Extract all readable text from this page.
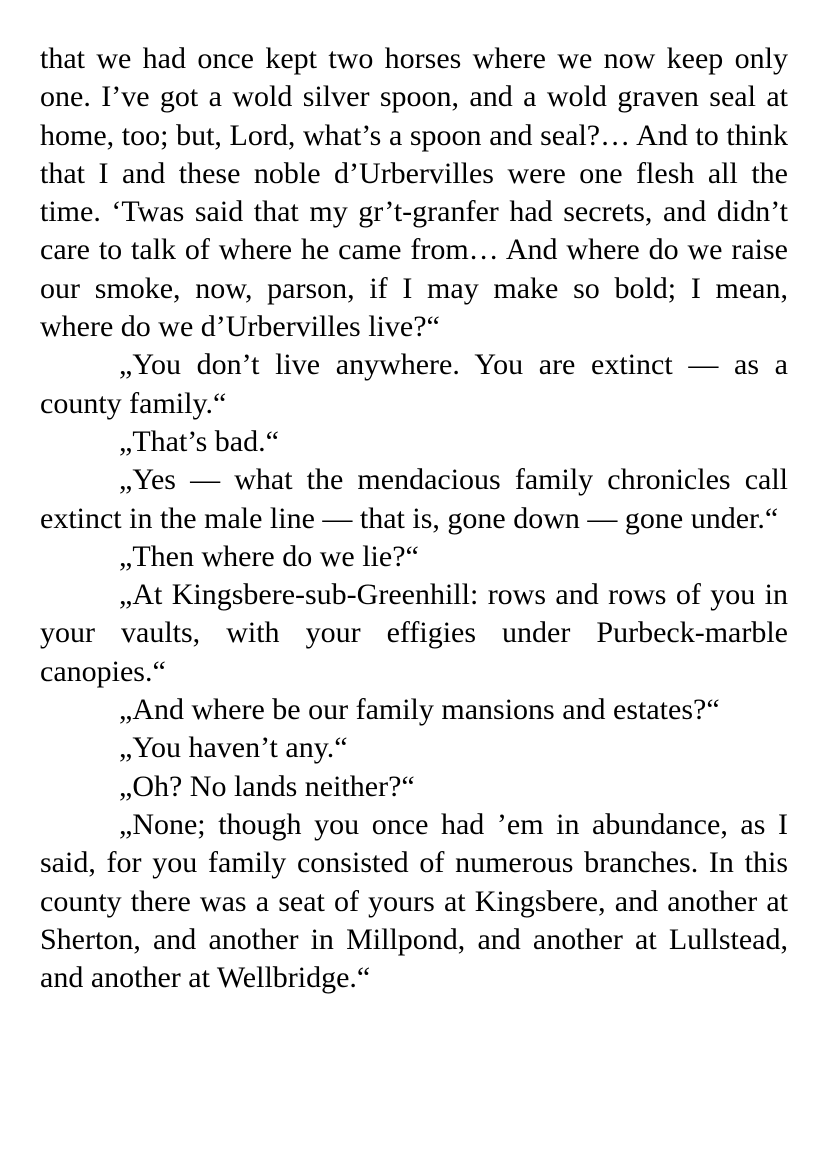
that we had once kept two horses where we now keep only one. I’ve got a wold silver spoon, and a wold graven seal at home, too; but, Lord, what’s a spoon and seal?… And to think that I and these noble d’Urbervilles were one flesh all the time. ‘Twas said that my gr’t-granfer had secrets, and didn’t care to talk of where he came from… And where do we raise our smoke, now, parson, if I may make so bold; I mean, where do we d’Urbervilles live?“

„You don’t live anywhere. You are extinct — as a county family.“

„That’s bad.“

„Yes — what the mendacious family chronicles call extinct in the male line — that is, gone down — gone under.“

„Then where do we lie?“

„At Kingsbere-sub-Greenhill: rows and rows of you in your vaults, with your effigies under Purbeck-marble canopies.“

„And where be our family mansions and estates?“

„You haven’t any.“

„Oh? No lands neither?“

„None; though you once had ’em in abundance, as I said, for you family consisted of numerous branches. In this county there was a seat of yours at Kingsbere, and another at Sherton, and another in Millpond, and another at Lullstead, and another at Wellbridge.“
